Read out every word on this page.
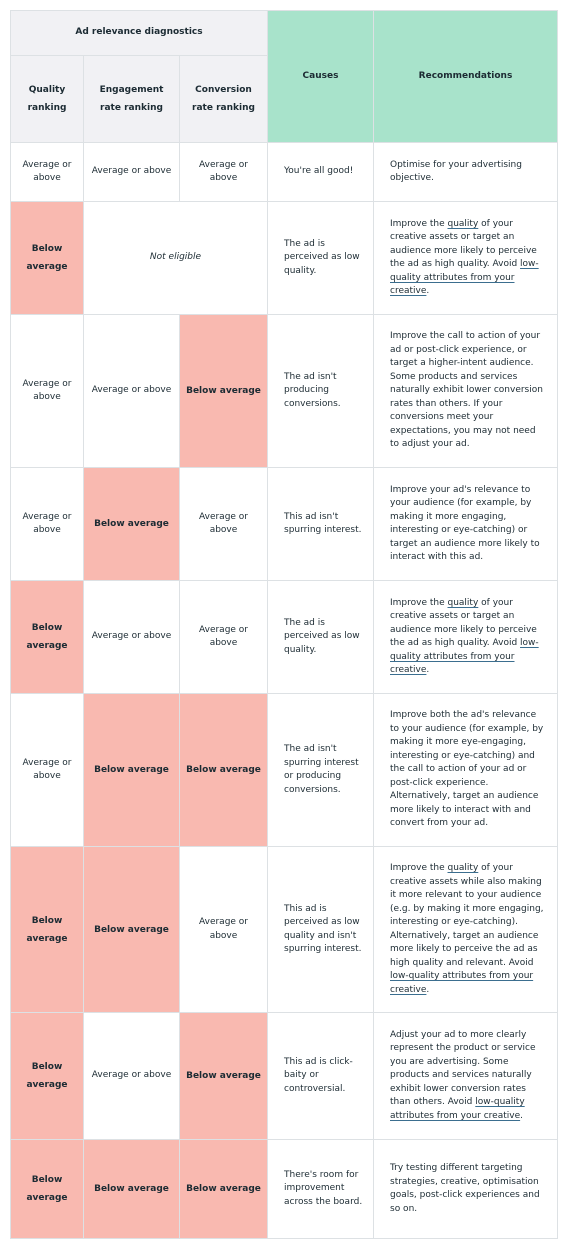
Ad relevance diagnostics			Causes	Recommendations
Quality ranking	Engagement rate ranking	Conversion rate ranking		
Average or above	Average or above	Average or above	You're all good!	Optimise for your advertising objective.
Below average	Not eligible		The ad is perceived as low quality.	Improve the quality of your creative assets or target an audience more likely to perceive the ad as high quality. Avoid low-quality attributes from your creative.
Average or above	Average or above	Below average	The ad isn't producing conversions.	Improve the call to action of your ad or post-click experience, or target a higher-intent audience. Some products and services naturally exhibit lower conversion rates than others. If your conversions meet your expectations, you may not need to adjust your ad.
Average or above	Below average	Average or above	This ad isn't spurring interest.	Improve your ad's relevance to your audience (for example, by making it more engaging, interesting or eye-catching) or target an audience more likely to interact with this ad.
Below average	Average or above	Average or above	The ad is perceived as low quality.	Improve the quality of your creative assets or target an audience more likely to perceive the ad as high quality. Avoid low-quality attributes from your creative.
Average or above	Below average	Below average	The ad isn't spurring interest or producing conversions.	Improve both the ad's relevance to your audience (for example, by making it more eye-engaging, interesting or eye-catching) and the call to action of your ad or post-click experience. Alternatively, target an audience more likely to interact with and convert from your ad.
Below average	Below average	Average or above	This ad is perceived as low quality and isn't spurring interest.	Improve the quality of your creative assets while also making it more relevant to your audience (e.g. by making it more engaging, interesting or eye-catching). Alternatively, target an audience more likely to perceive the ad as high quality and relevant. Avoid low-quality attributes from your creative.
Below average	Average or above	Below average	This ad is click-baity or controversial.	Adjust your ad to more clearly represent the product or service you are advertising. Some products and services naturally exhibit lower conversion rates than others. Avoid low-quality attributes from your creative.
Below average	Below average	Below average	There's room for improvement across the board.	Try testing different targeting strategies, creative, optimisation goals, post-click experiences and so on.
